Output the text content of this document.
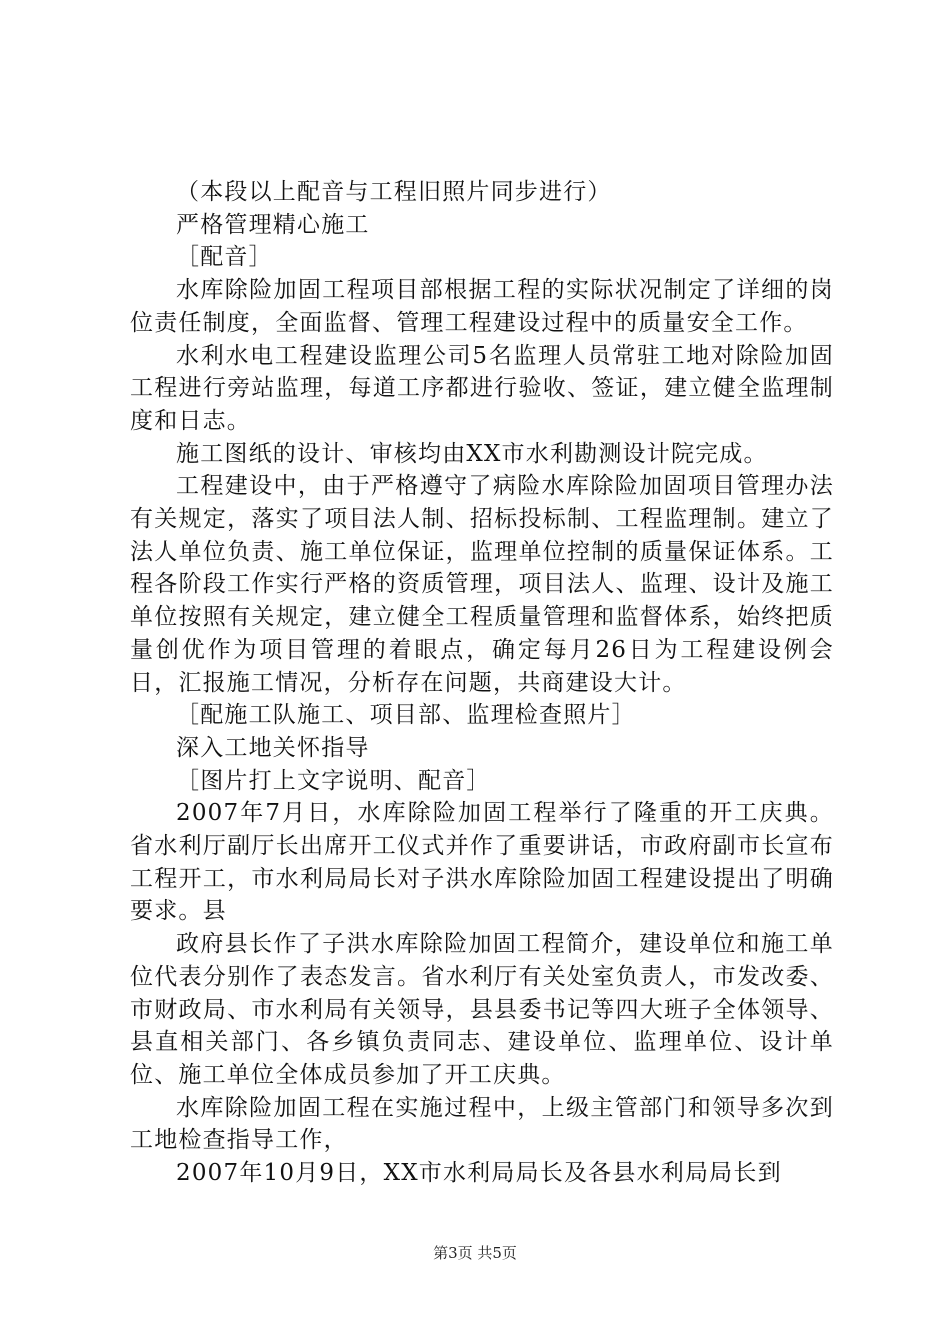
（本段以上配音与工程旧照片同步进行）

严格管理精心施工

［配音］

水库除险加固工程项目部根据工程的实际状况制定了详细的岗位责任制度，全面监督、管理工程建设过程中的质量安全工作。

水利水电工程建设监理公司5名监理人员常驻工地对除险加固工程进行旁站监理，每道工序都进行验收、签证，建立健全监理制度和日志。

施工图纸的设计、审核均由XX市水利勘测设计院完成。

工程建设中，由于严格遵守了病险水库除险加固项目管理办法有关规定，落实了项目法人制、招标投标制、工程监理制。建立了法人单位负责、施工单位保证，监理单位控制的质量保证体系。工程各阶段工作实行严格的资质管理，项目法人、监理、设计及施工单位按照有关规定，建立健全工程质量管理和监督体系，始终把质量创优作为项目管理的着眼点，确定每月26日为工程建设例会日，汇报施工情况，分析存在问题，共商建设大计。

［配施工队施工、项目部、监理检查照片］

深入工地关怀指导

［图片打上文字说明、配音］

2007年7月日，水库除险加固工程举行了隆重的开工庆典。省水利厅副厅长出席开工仪式并作了重要讲话，市政府副市长宣布工程开工，市水利局局长对子洪水库除险加固工程建设提出了明确要求。县

政府县长作了子洪水库除险加固工程简介，建设单位和施工单位代表分别作了表态发言。省水利厅有关处室负责人，市发改委、市财政局、市水利局有关领导，县县委书记等四大班子全体领导、县直相关部门、各乡镇负责同志、建设单位、监理单位、设计单位、施工单位全体成员参加了开工庆典。

水库除险加固工程在实施过程中，上级主管部门和领导多次到工地检查指导工作，

2007年10月9日，XX市水利局局长及各县水利局局长到

第3页 共5页
